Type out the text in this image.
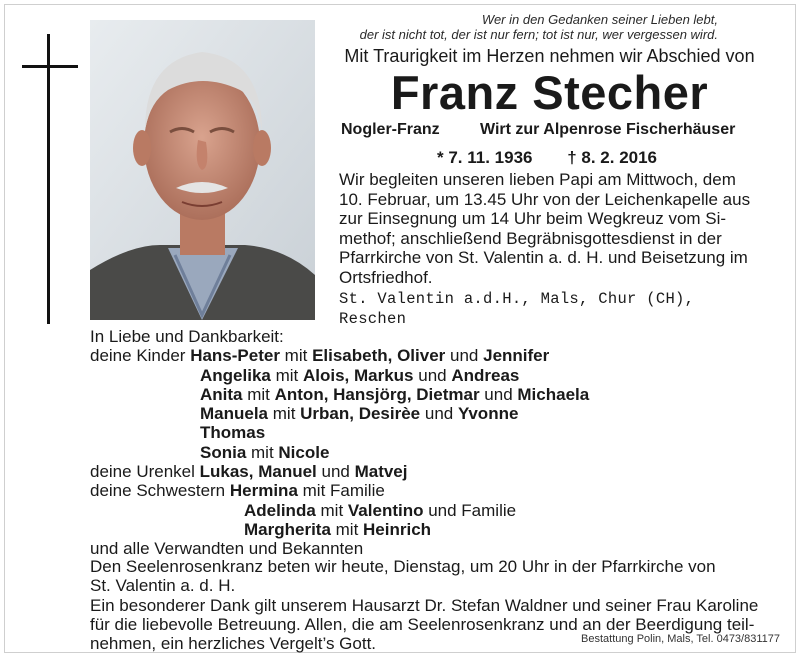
Wer in den Gedanken seiner Lieben lebt,
der ist nicht tot, der ist nur fern; tot ist nur, wer vergessen wird.
Mit Traurigkeit im Herzen nehmen wir Abschied von
Franz Stecher
Nogler-Franz	Wirt zur Alpenrose Fischerhäuser
* 7. 11. 1936 † 8. 2. 2016
Wir begleiten unseren lieben Papi am Mittwoch, dem
10. Februar, um 13.45 Uhr von der Leichenkapelle aus
zur Einsegnung um 14 Uhr beim Wegkreuz vom Si-
methof; anschließend Begräbnisgottesdienst in der
Pfarrkirche von St. Valentin a. d. H. und Beisetzung im
Ortsfriedhof.
St. Valentin a.d.H., Mals, Chur (CH),
Reschen
In Liebe und Dankbarkeit:
deine Kinder Hans-Peter mit Elisabeth, Oliver und Jennifer
Angelika mit Alois, Markus und Andreas
Anita mit Anton, Hansjörg, Dietmar und Michaela
Manuela mit Urban, Desirèe und Yvonne
Thomas
Sonia mit Nicole
deine Urenkel Lukas, Manuel und Matvej
deine Schwestern Hermina mit Familie
Adelinda mit Valentino und Familie
Margherita mit Heinrich
und alle Verwandten und Bekannten
Den Seelenrosenkranz beten wir heute, Dienstag, um 20 Uhr in der Pfarrkirche von
St. Valentin a. d. H.
Ein besonderer Dank gilt unserem Hausarzt Dr. Stefan Waldner und seiner Frau Karoline
für die liebevolle Betreuung. Allen, die am Seelenrosenkranz und an der Beerdigung teil-
nehmen, ein herzliches Vergelt’s Gott.	Bestattung Polin, Mals, Tel. 0473/831177
